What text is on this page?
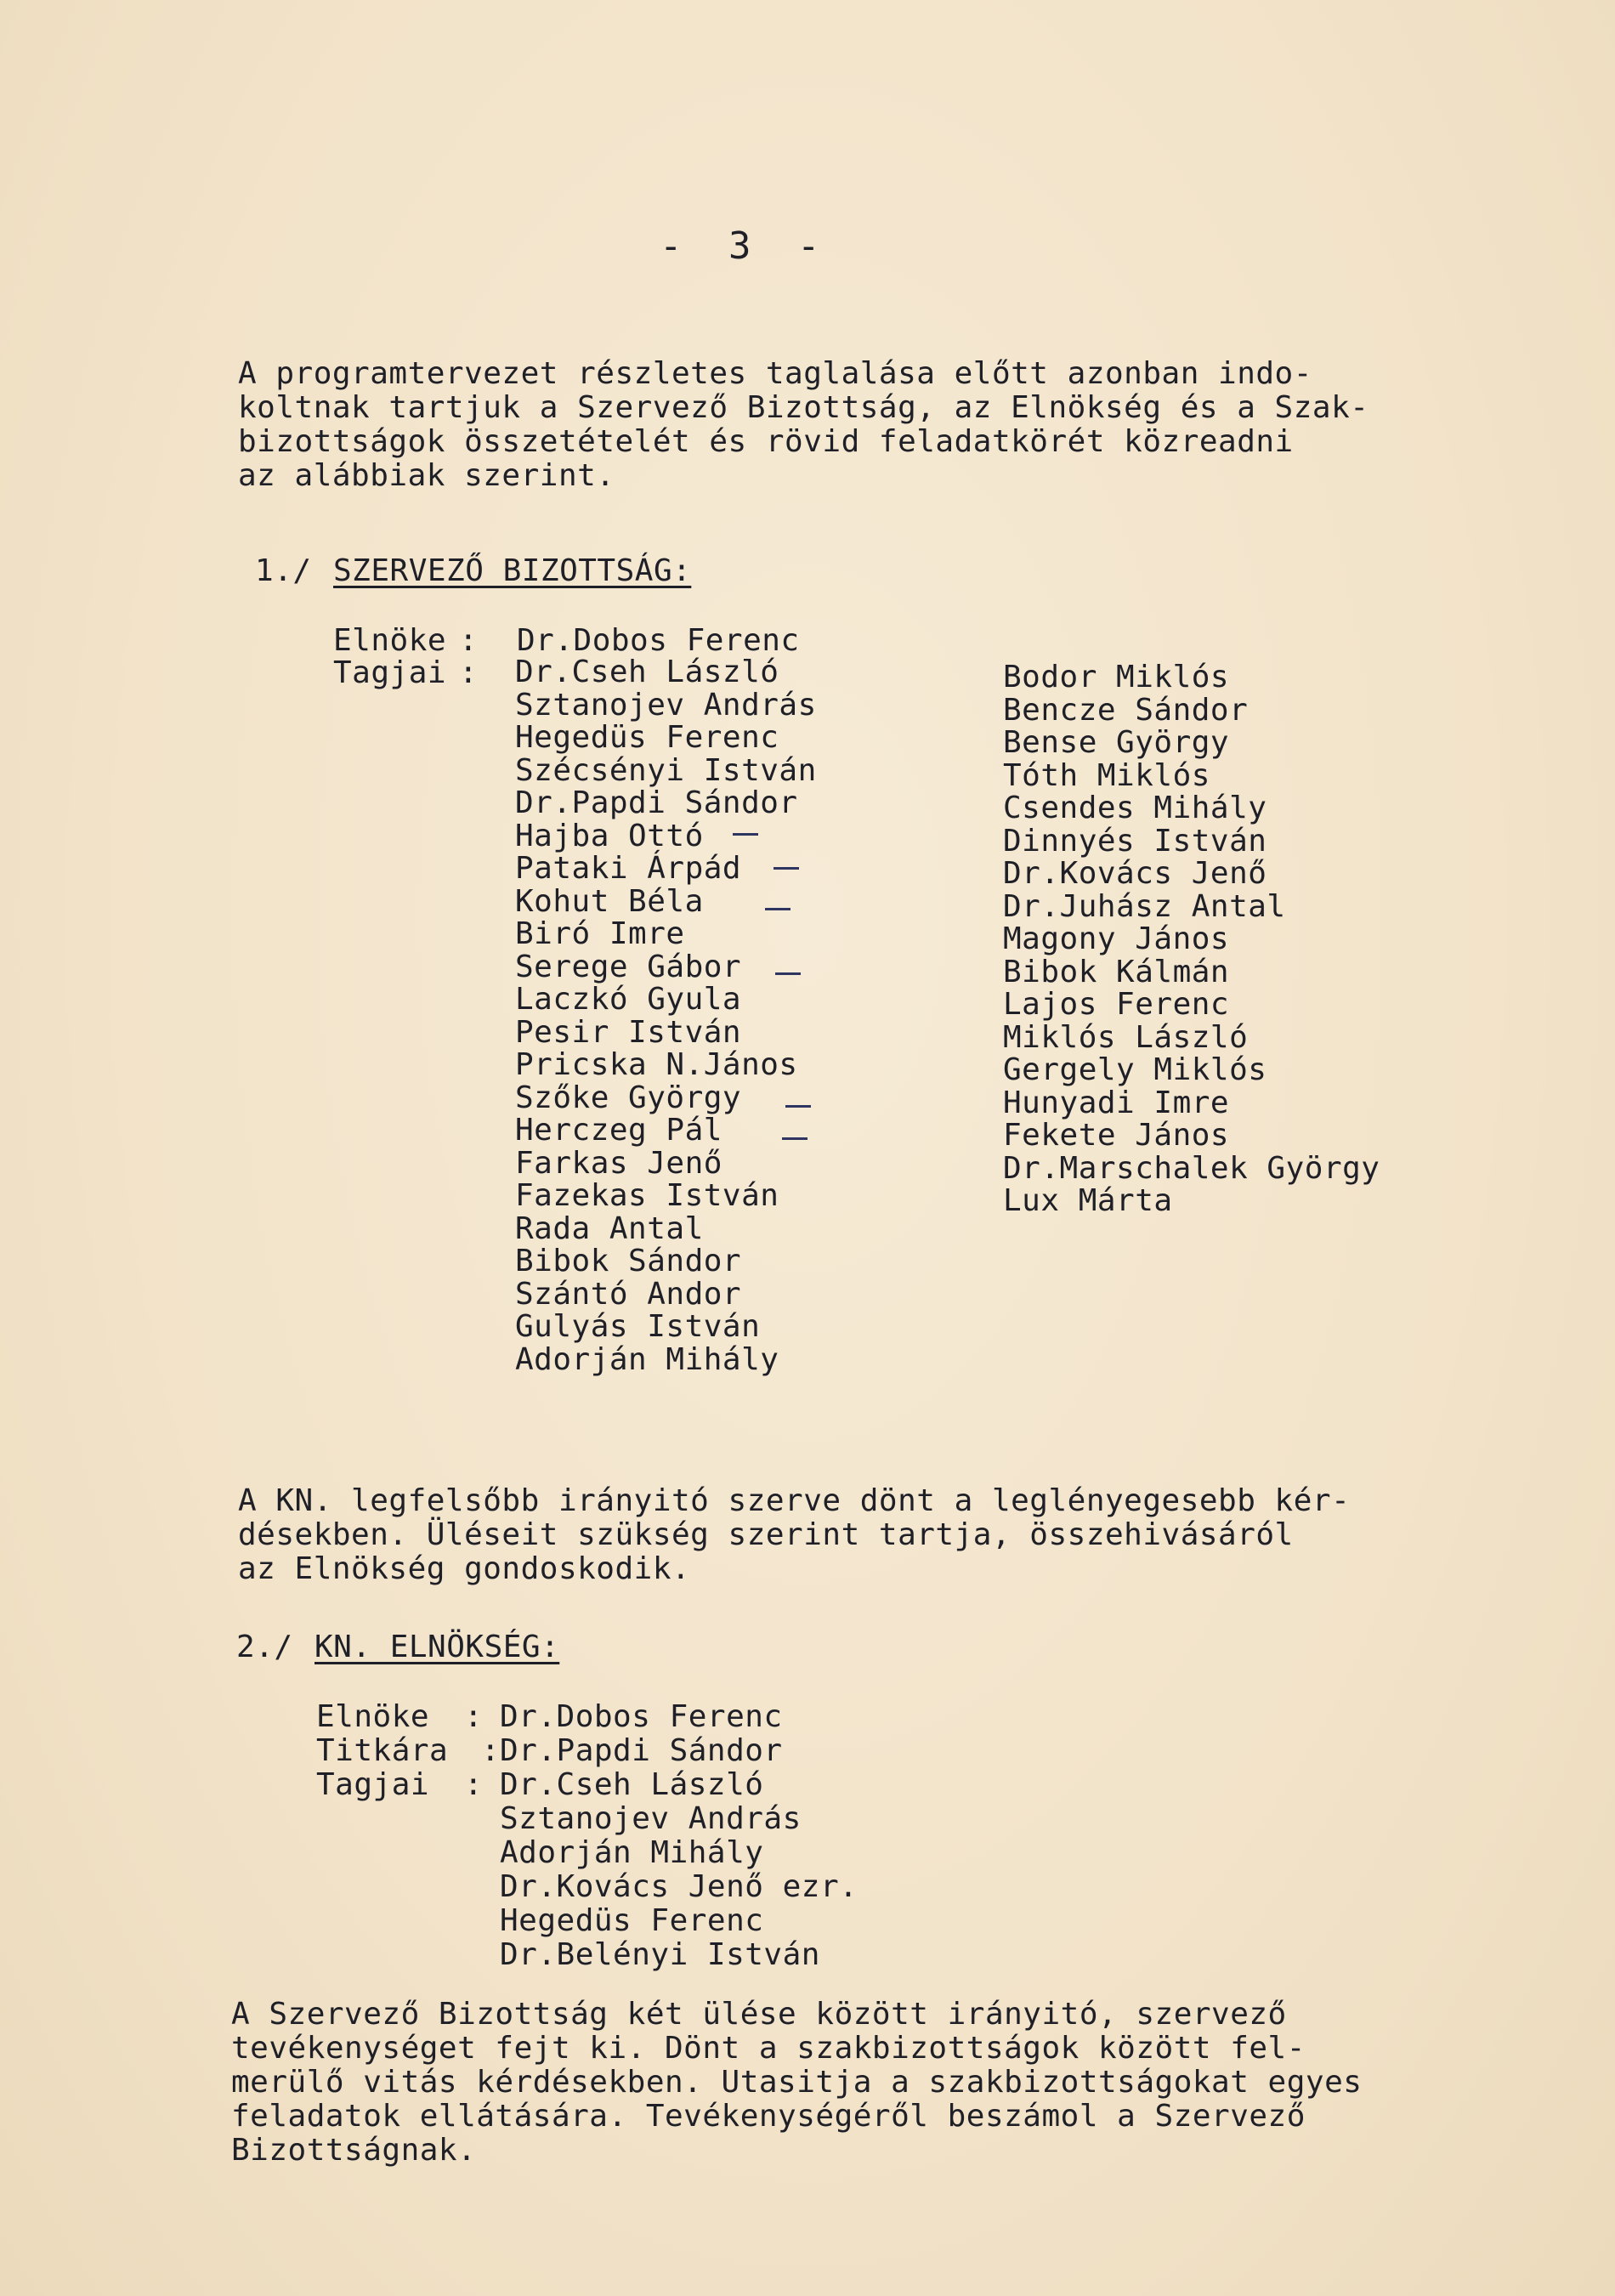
- 3 -
A programtervezet részletes taglalása előtt azonban indo-
koltnak tartjuk a Szervező Bizottság, az Elnökség és a Szak-
bizottságok összetételét és rövid feladatkörét közreadni
az alábbiak szerint.
1./ SZERVEZŐ BIZOTTSÁG:
Elnöke : Dr.Dobos Ferenc
Tagjai : Dr.Cseh László
Sztanojev András
Hegedüs Ferenc
Szécsényi István
Dr.Papdi Sándor
Hajba Ottó
Pataki Árpád
Kohut Béla
Biró Imre
Serege Gábor
Laczkó Gyula
Pesir István
Pricska N.János
Szőke György
Herczeg Pál
Farkas Jenő
Fazekas István
Rada Antal
Bibok Sándor
Szántó Andor
Gulyás István
Adorján Mihály
Bodor Miklós
Bencze Sándor
Bense György
Tóth Miklós
Csendes Mihály
Dinnyés István
Dr.Kovács Jenő
Dr.Juhász Antal
Magony János
Bibok Kálmán
Lajos Ferenc
Miklós László
Gergely Miklós
Hunyadi Imre
Fekete János
Dr.Marschalek György
Lux Márta
A KN. legfelsőbb irányitó szerve dönt a leglényegesebb kér-
désekben. Üléseit szükség szerint tartja, összehivásáról
az Elnökség gondoskodik.
2./ KN. ELNÖKSÉG:
Elnöke : Dr.Dobos Ferenc
Titkára : Dr.Papdi Sándor
Tagjai : Dr.Cseh László
Sztanojev András
Adorján Mihály
Dr.Kovács Jenő ezr.
Hegedüs Ferenc
Dr.Belényi István
A Szervező Bizottság két ülése között irányitó, szervező
tevékenységet fejt ki. Dönt a szakbizottságok között fel-
merülő vitás kérdésekben. Utasitja a szakbizottságokat egyes
feladatok ellátására. Tevékenységéről beszámol a Szervező
Bizottságnak.
